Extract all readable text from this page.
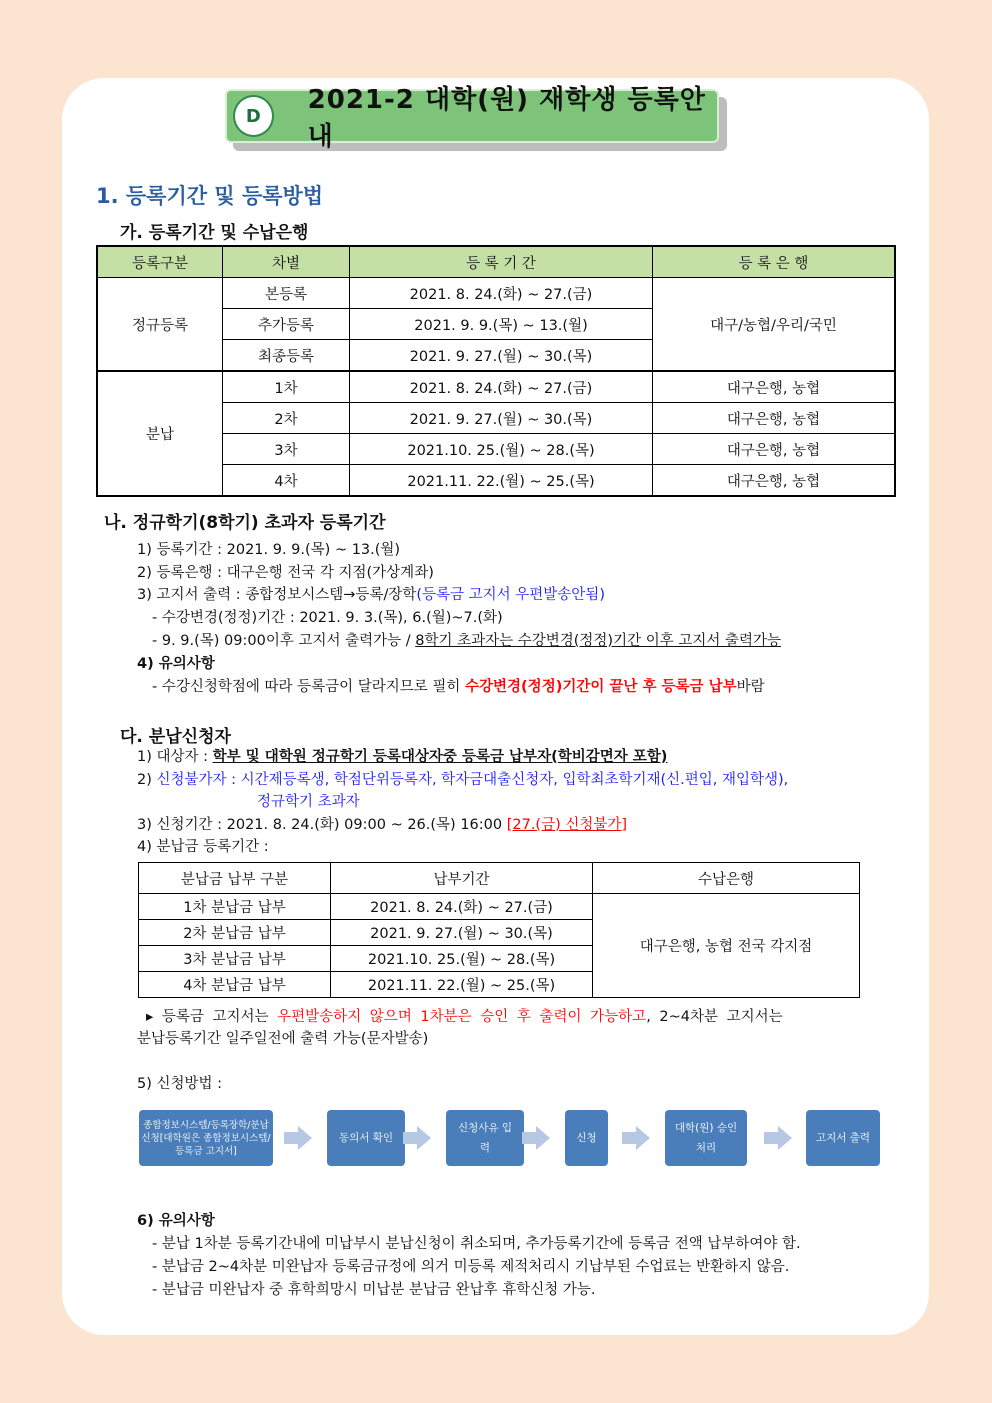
D
2021-2 대학(원) 재학생 등록안내
1. 등록기간 및 등록방법
가. 등록기간 및 수납은행
등록구분	차별	등 록 기 간	등 록 은 행
정규등록	본등록	2021. 8. 24.(화) ~ 27.(금)	대구/농협/우리/국민
	추가등록	2021. 9. 9.(목) ~ 13.(월)	
	최종등록	2021. 9. 27.(월) ~ 30.(목)	
분납	1차	2021. 8. 24.(화) ~ 27.(금)	대구은행, 농협
	2차	2021. 9. 27.(월) ~ 30.(목)	대구은행, 농협
	3차	2021.10. 25.(월) ~ 28.(목)	대구은행, 농협
	4차	2021.11. 22.(월) ~ 25.(목)	대구은행, 농협
나. 정규학기(8학기) 초과자 등록기간
1) 등록기간 : 2021. 9. 9.(목) ~ 13.(월)
2) 등록은행 : 대구은행 전국 각 지점(가상계좌)
3) 고지서 출력 : 종합정보시스템→등록/장학(등록금 고지서 우편발송안됨)
- 수강변경(정정)기간 : 2021. 9. 3.(목), 6.(월)~7.(화)
- 9. 9.(목) 09:00이후 고지서 출력가능 / 8학기 초과자는 수강변경(정정)기간 이후 고지서 출력가능
4) 유의사항
- 수강신청학점에 따라 등록금이 달라지므로 필히 수강변경(정정)기간이 끝난 후 등록금 납부바람
다. 분납신청자
1) 대상자 : 학부 및 대학원 정규학기 등록대상자중 등록금 납부자(학비감면자 포함)
2) 신청불가자 : 시간제등록생, 학점단위등록자, 학자금대출신청자, 입학최초학기재(신.편입, 재입학생),
정규학기 초과자
3) 신청기간 : 2021. 8. 24.(화) 09:00 ~ 26.(목) 16:00 [27.(금) 신청불가]
4) 분납금 등록기간 :
분납금 납부 구분	납부기간	수납은행
1차 분납금 납부	2021. 8. 24.(화) ~ 27.(금)	대구은행, 농협 전국 각지점
2차 분납금 납부	2021. 9. 27.(월) ~ 30.(목)	
3차 분납금 납부	2021.10. 25.(월) ~ 28.(목)	
4차 분납금 납부	2021.11. 22.(월) ~ 25.(목)	
▸ 등록금 고지서는 우편발송하지 않으며 1차분은 승인 후 출력이 가능하고, 2~4차분 고지서는
분납등록기간 일주일전에 출력 가능(문자발송)
5) 신청방법 :
종합정보시스템/등록장학/분납신청[대학원은 종합정보시스템/등록금 고지서]
동의서 확인
신청사유 입력
신청
대학(원) 승인처리
고지서 출력
6) 유의사항
- 분납 1차분 등록기간내에 미납부시 분납신청이 취소되며, 추가등록기간에 등록금 전액 납부하여야 함.
- 분납금 2~4차분 미완납자 등록금규정에 의거 미등록 제적처리시 기납부된 수업료는 반환하지 않음.
- 분납금 미완납자 중 휴학희망시 미납분 분납금 완납후 휴학신청 가능.
